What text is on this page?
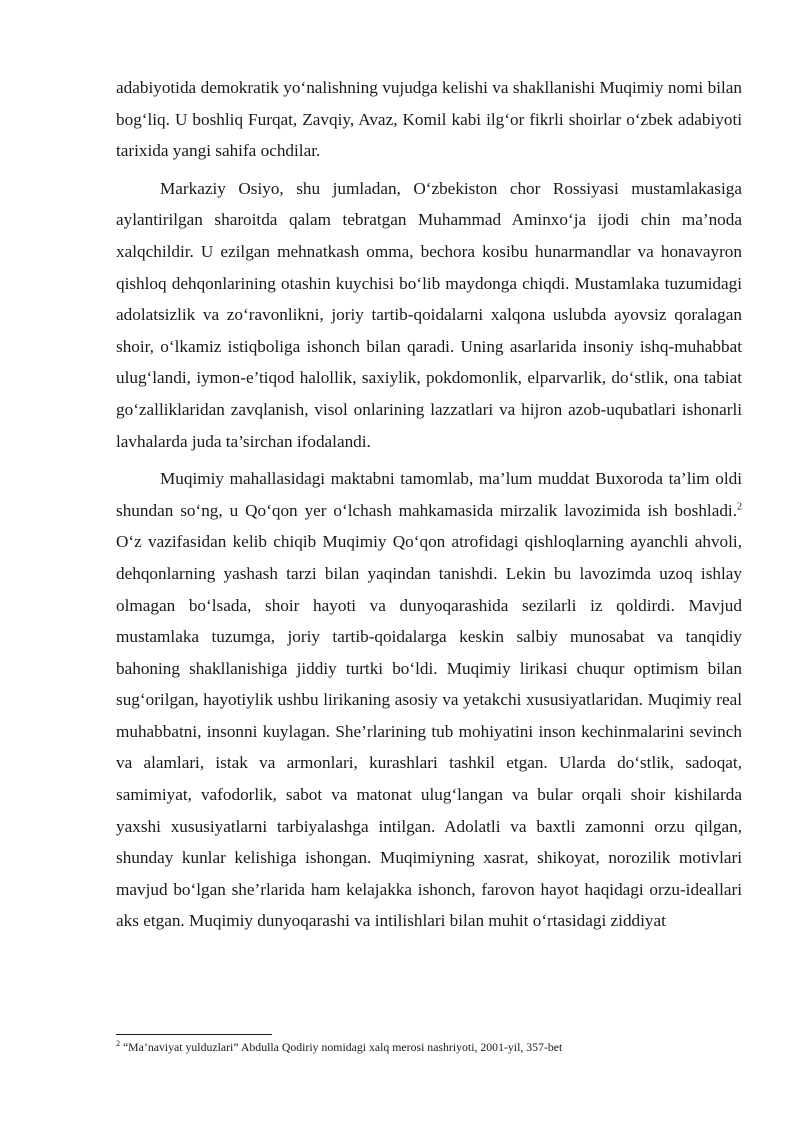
adabiyotida demokratik yo‘nalishning vujudga kelishi va shakllanishi Muqimiy nomi bilan bog‘liq. U boshliq Furqat, Zavqiy, Avaz, Komil kabi ilg‘or fikrli shoirlar o‘zbek adabiyoti tarixida yangi sahifa ochdilar.

Markaziy Osiyo, shu jumladan, O‘zbekiston chor Rossiyasi mustamlakasiga aylantirilgan sharoitda qalam tebratgan Muhammad Aminxo‘ja ijodi chin ma’noda xalqchildir. U ezilgan mehnatkash omma, bechora kosibu hunarmandlar va honavayron qishloq dehqonlarining otashin kuychisi bo‘lib maydonga chiqdi. Mustamlaka tuzumidagi adolatsizlik va zo‘ravonlikni, joriy tartib-qoidalarni xalqona uslubda ayovsiz qoralagan shoir, o‘lkamiz istiqboliga ishonch bilan qaradi. Uning asarlarida insoniy ishq-muhabbat ulug‘landi, iymon-e’tiqod halollik, saxiylik, pokdomonlik, elparvarlik, do‘stlik, ona tabiat go‘zalliklaridan zavqlanish, visol onlarining lazzatlari va hijron azob-uqubatlari ishonarli lavhalarda juda ta’sirchan ifodalandi.

Muqimiy mahallasidagi maktabni tamomlab, ma’lum muddat Buxoroda ta’lim oldi shundan so‘ng, u Qo‘qon yer o‘lchash mahkamasida mirzalik lavozimida ish boshladi.$^2$ O‘z vazifasidan kelib chiqib Muqimiy Qo‘qon atrofidagi qishloqlarning ayanchli ahvoli, dehqonlarning yashash tarzi bilan yaqindan tanishdi. Lekin bu lavozimda uzoq ishlay olmagan bo‘lsada, shoir hayoti va dunyoqarashida sezilarli iz qoldirdi. Mavjud mustamlaka tuzumga, joriy tartib-qoidalarga keskin salbiy munosabat va tanqidiy bahoning shakllanishiga jiddiy turtki bo‘ldi. Muqimiy lirikasi chuqur optimism bilan sug‘orilgan, hayotiylik ushbu lirikaning asosiy va yetakchi xususiyatlaridan. Muqimiy real muhabbatni, insonni kuylagan. She’rlarining tub mohiyatini inson kechinmalarini sevinch va alamlari, istak va armonlari, kurashlari tashkil etgan. Ularda do‘stlik, sadoqat, samimiyat, vafodorlik, sabot va matonat ulug‘langan va bular orqali shoir kishilarda yaxshi xususiyatlarni tarbiyalashga intilgan. Adolatli va baxtli zamonni orzu qilgan, shunday kunlar kelishiga ishongan. Muqimiyning xasrat, shikoyat, norozilik motivlari mavjud bo‘lgan she’rlarida ham kelajakka ishonch, farovon hayot haqidagi orzu-ideallari aks etgan. Muqimiy dunyoqarashi va intilishlari bilan muhit o‘rtasidagi ziddiyat

$^2$ “Ma’naviyat yulduzlari” Abdulla Qodiriy nomidagi xalq merosi nashriyoti, 2001-yil, 357-bet
